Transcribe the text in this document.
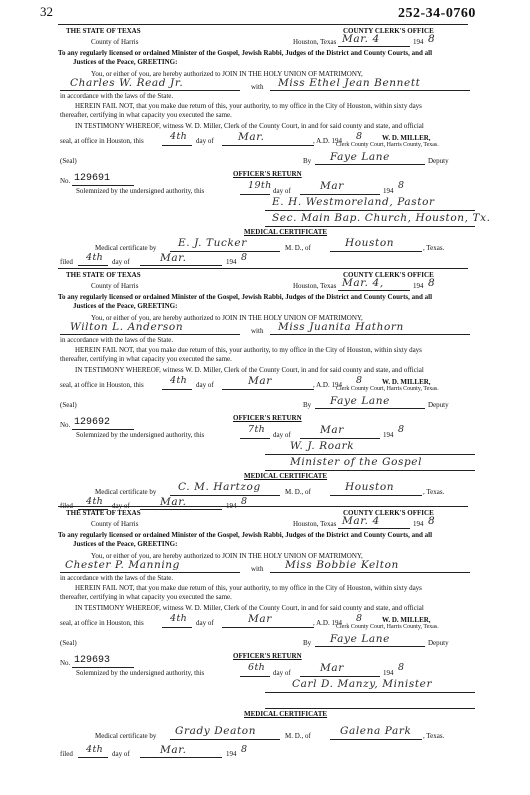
32	252-34-0760
THE STATE OF TEXAS	COUNTY CLERK'S OFFICE
County of Harris	Houston, Texas Mar. 4	194 8
To any regularly licensed or ordained Minister of the Gospel, Jewish Rabbi, Judges of the District and County Courts, and all
Justices of the Peace, GREETING:
You, or either of you, are hereby authorized to JOIN IN THE HOLY UNION OF MATRIMONY,
Charles W. Read Jr.	with Miss Ethel Jean Bennett
in accordance with the laws of the State.
HEREIN FAIL NOT, that you make due return of this, your authority, to my office in the City of Houston, within sixty days
thereafter, certifying in what capacity you executed the same.
IN TESTIMONY WHEREOF, witness W. D. Miller, Clerk of the County Court, in and for said county and state, and official
seal, at office in Houston, this	4th day of Mar.	, A.D. 194 8	W. D. MILLER,
Clerk County Court, Harris County, Texas.
(Seal)	By Faye Lane	Deputy
No. 129691	OFFICER'S RETURN
Solemnized by the undersigned authority, this	19th day of	Mar	194 8
E. H. Westmoreland, Pastor
Sec. Main Bap. Church, Houston, Tx.
MEDICAL CERTIFICATE
Medical certificate by E. J. Tucker	M. D., of	Houston	, Texas.
filed 4th day of	Mar.	194 8
THE STATE OF TEXAS	COUNTY CLERK'S OFFICE
County of Harris	Houston, Texas Mar. 4,	194 8
To any regularly licensed or ordained Minister of the Gospel, Jewish Rabbi, Judges of the District and County Courts, and all
Justices of the Peace, GREETING:
You, or either of you, are hereby authorized to JOIN IN THE HOLY UNION OF MATRIMONY,
Wilton L. Anderson	with Miss Juanita Hathorn
in accordance with the laws of the State.
HEREIN FAIL NOT, that you make due return of this, your authority, to my office in the City of Houston, within sixty days
thereafter, certifying in what capacity you executed the same.
IN TESTIMONY WHEREOF, witness W. D. Miller, Clerk of the County Court, in and for said county and state, and official
seal, at office in Houston, this	4th day of	Mar	, A.D. 194 8	W. D. MILLER,
Clerk County Court, Harris County, Texas.
(Seal)	By Faye Lane	Deputy
No. 129692	OFFICER'S RETURN
Solemnized by the undersigned authority, this	7th day of	Mar	194 8
W. J. Roark
Minister of the Gospel
MEDICAL CERTIFICATE
Medical certificate by C. M. Hartzog	M. D., of	Houston	, Texas.
filed 4th day of	Mar.	194 8
THE STATE OF TEXAS	COUNTY CLERK'S OFFICE
County of Harris	Houston, Texas Mar. 4	194 8
To any regularly licensed or ordained Minister of the Gospel, Jewish Rabbi, Judges of the District and County Courts, and all
Justices of the Peace, GREETING:
You, or either of you, are hereby authorized to JOIN IN THE HOLY UNION OF MATRIMONY,
Chester P. Manning	with Miss Bobbie Kelton
in accordance with the laws of the State.
HEREIN FAIL NOT, that you make due return of this, your authority, to my office in the City of Houston, within sixty days
thereafter, certifying in what capacity you executed the same.
IN TESTIMONY WHEREOF, witness W. D. Miller, Clerk of the County Court, in and for said county and state, and official
seal, at office in Houston, this	4th day of	Mar	, A.D. 194 8	W. D. MILLER,
Clerk County Court, Harris County, Texas.
(Seal)	By Faye Lane	Deputy
No. 129693	OFFICER'S RETURN
Solemnized by the undersigned authority, this	6th day of	Mar	194 8
Carl D. Manzy, Minister
MEDICAL CERTIFICATE
Medical certificate by Grady Deaton	M. D., of	Galena Park , Texas.
filed 4th day of	Mar.	194 8
